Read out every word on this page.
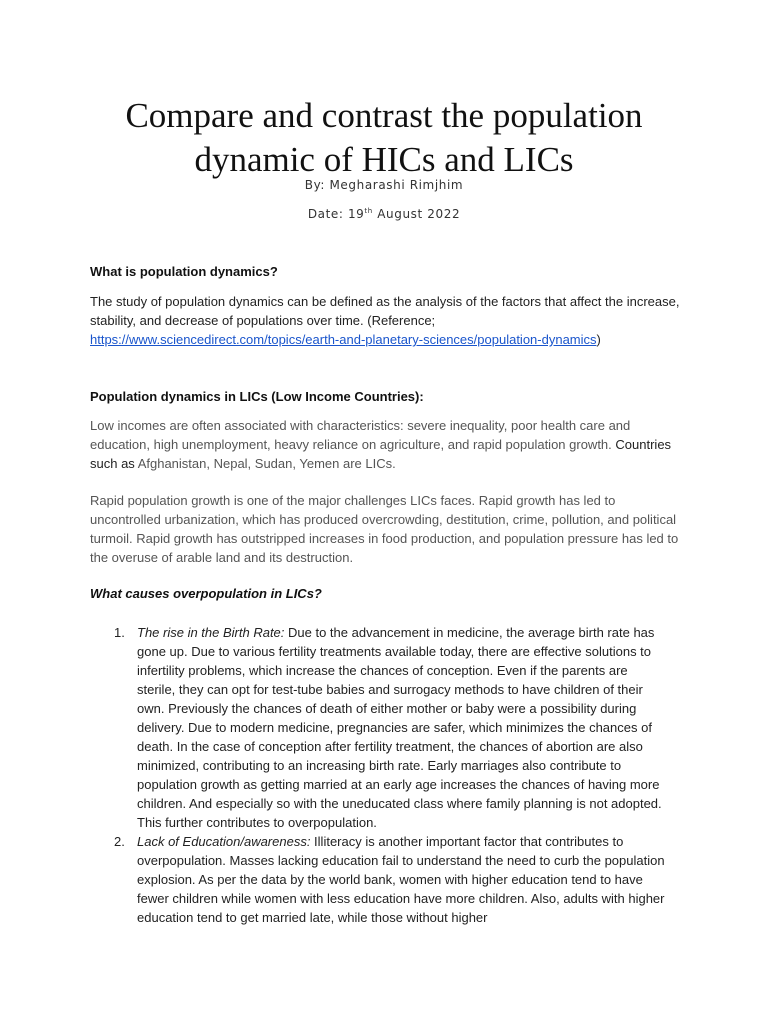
Compare and contrast the population
dynamic of HICs and LICs
By: Megharashi Rimjhim
Date: 19th August 2022
What is population dynamics?

The study of population dynamics can be defined as the analysis of the factors that affect the increase, stability, and decrease of populations over time. (Reference; https://www.sciencedirect.com/topics/earth-and-planetary-sciences/population-dynamics)

Population dynamics in LICs (Low Income Countries):

Low incomes are often associated with characteristics: severe inequality, poor health care and education, high unemployment, heavy reliance on agriculture, and rapid population growth. Countries such as Afghanistan, Nepal, Sudan, Yemen are LICs.

Rapid population growth is one of the major challenges LICs faces. Rapid growth has led to uncontrolled urbanization, which has produced overcrowding, destitution, crime, pollution, and political turmoil. Rapid growth has outstripped increases in food production, and population pressure has led to the overuse of arable land and its destruction.

What causes overpopulation in LICs?
1. The rise in the Birth Rate: Due to the advancement in medicine, the average birth rate has gone up. Due to various fertility treatments available today, there are effective solutions to infertility problems, which increase the chances of conception. Even if the parents are sterile, they can opt for test-tube babies and surrogacy methods to have children of their own. Previously the chances of death of either mother or baby were a possibility during delivery. Due to modern medicine, pregnancies are safer, which minimizes the chances of death. In the case of conception after fertility treatment, the chances of abortion are also minimized, contributing to an increasing birth rate. Early marriages also contribute to population growth as getting married at an early age increases the chances of having more children. And especially so with the uneducated class where family planning is not adopted. This further contributes to overpopulation.
2. Lack of Education/awareness: Illiteracy is another important factor that contributes to overpopulation. Masses lacking education fail to understand the need to curb the population explosion. As per the data by the world bank, women with higher education tend to have fewer children while women with less education have more children. Also, adults with higher education tend to get married late, while those without higher
